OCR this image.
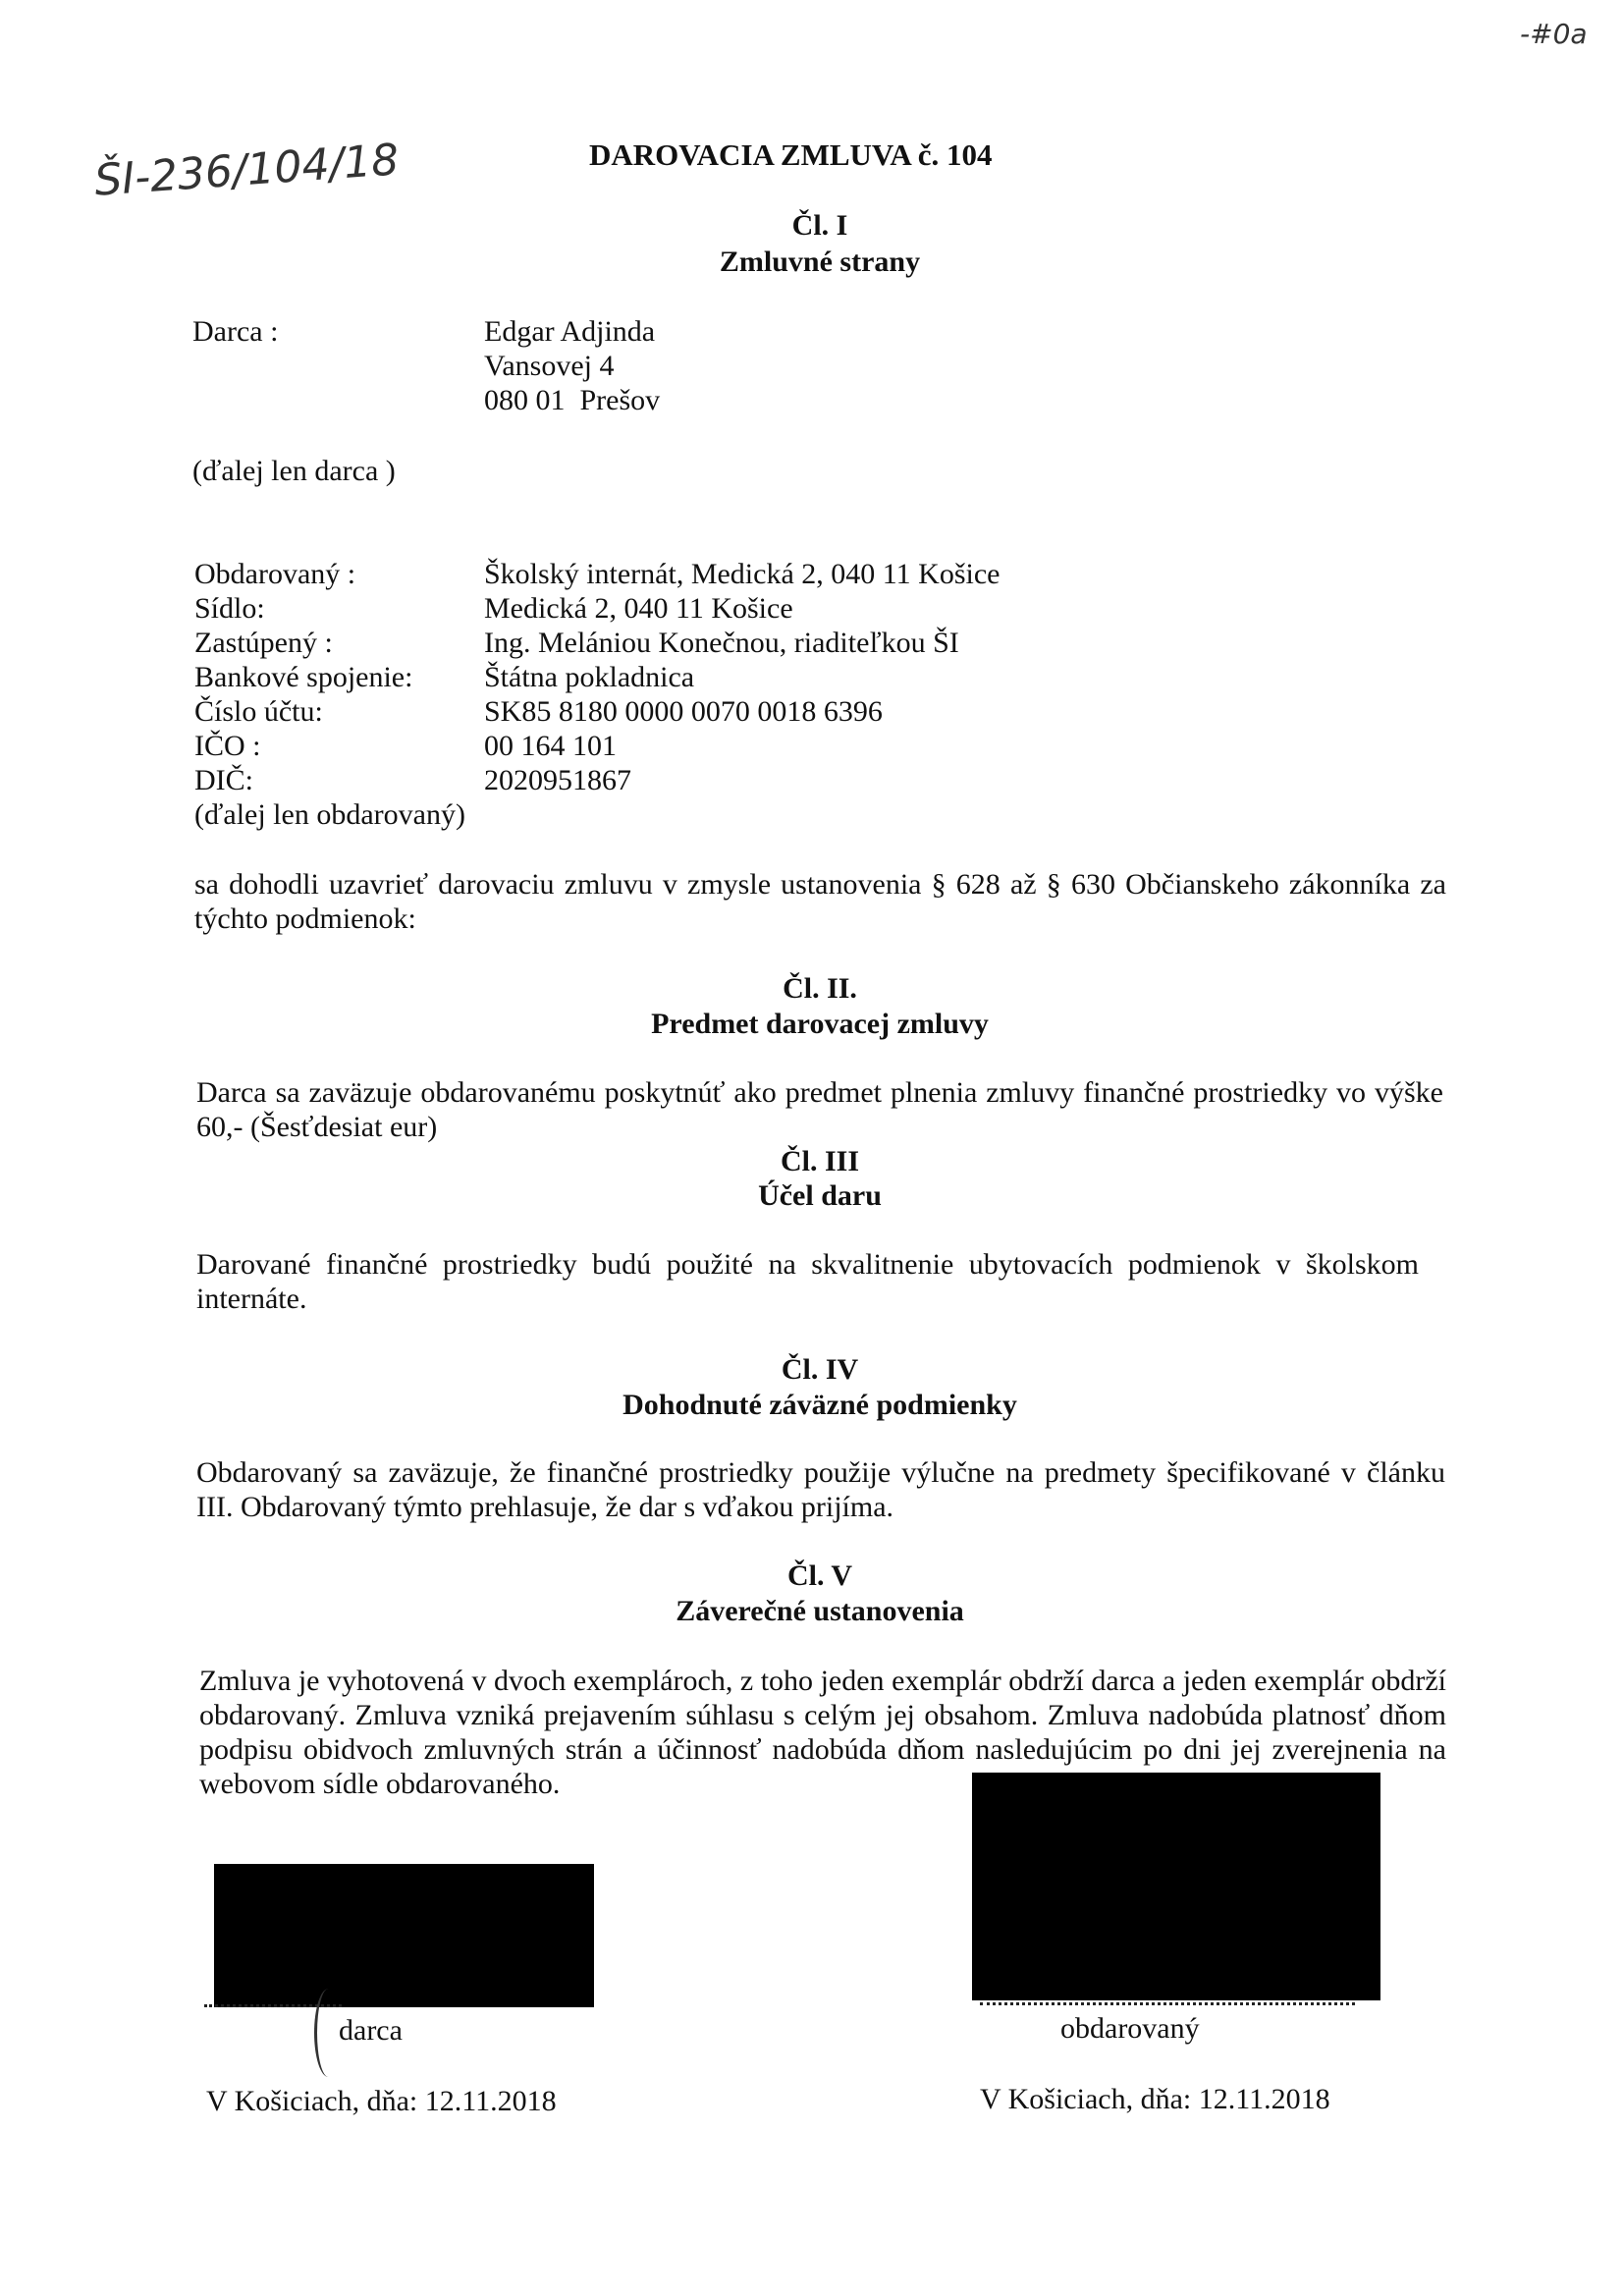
ŠI-236/104/18
-#0a
DAROVACIA ZMLUVA č. 104
Čl. I
Zmluvné strany
Darca :	Edgar Adjinda
Vansovej 4
080 01  Prešov
(ďalej len darca )
Obdarovaný :	Školský internát, Medická 2, 040 11 Košice
Sídlo:	Medická 2, 040 11 Košice
Zastúpený :	Ing. Melániou Konečnou, riaditeľkou ŠI
Bankové spojenie: Štátna pokladnica
Číslo účtu:	SK85 8180 0000 0070 0018 6396
IČO :	00 164 101
DIČ:	2020951867
(ďalej len obdarovaný)
sa dohodli uzavrieť darovaciu zmluvu v zmysle ustanovenia § 628 až § 630 Občianskeho zákonníka za týchto podmienok:
Čl. II.
Predmet darovacej zmluvy
Darca sa zaväzuje obdarovanému poskytnúť ako predmet plnenia zmluvy finančné prostriedky vo výške 60,- (Šesťdesiat eur)
Čl. III
Účel daru
Darované finančné prostriedky budú použité na skvalitnenie ubytovacích podmienok v školskom internáte.
Čl. IV
Dohodnuté záväzné podmienky
Obdarovaný sa zaväzuje, že finančné prostriedky použije výlučne na predmety špecifikované v článku III. Obdarovaný týmto prehlasuje, že dar s vďakou prijíma.
Čl. V
Záverečné ustanovenia
Zmluva je vyhotovená v dvoch exemplároch, z toho jeden exemplár obdrží darca a jeden exemplár obdrží obdarovaný. Zmluva vzniká prejavením súhlasu s celým jej obsahom. Zmluva nadobúda platnosť dňom podpisu obidvoch zmluvných strán a účinnosť nadobúda dňom nasledujúcim po dni jej zverejnenia na webovom sídle obdarovaného.
darca
V Košiciach, dňa: 12.11.2018
obdarovaný
V Košiciach, dňa: 12.11.2018
